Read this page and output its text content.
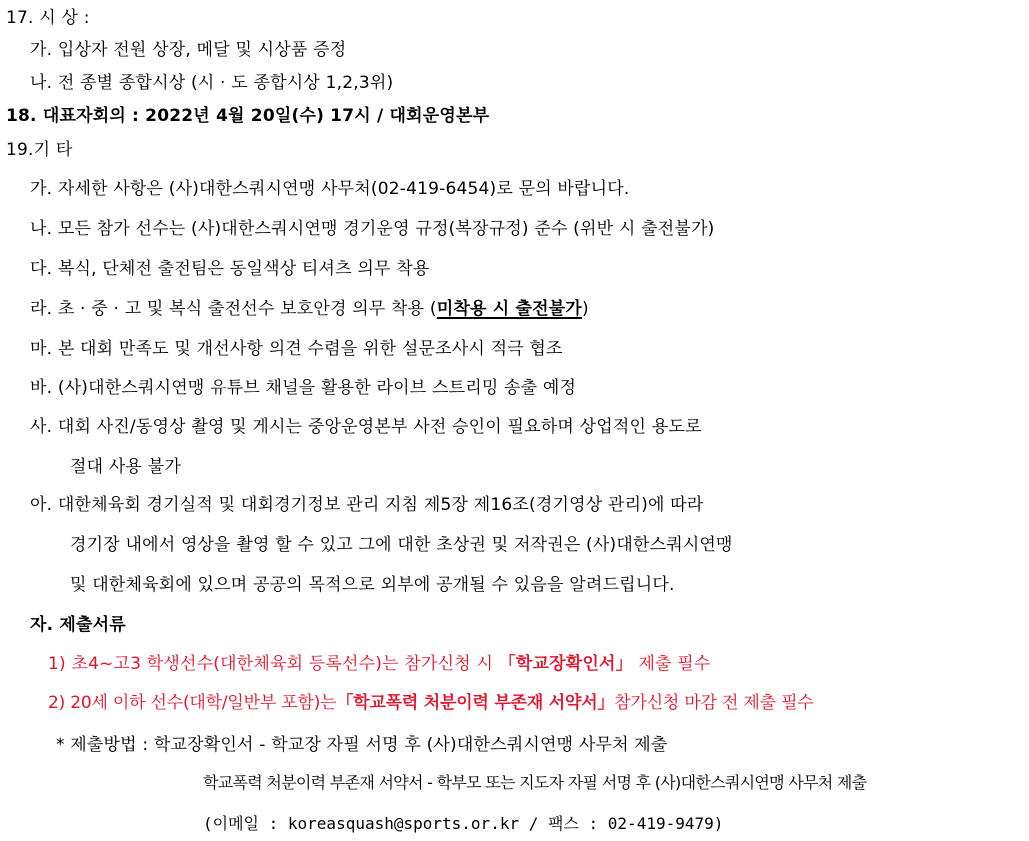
17. 시 상 :
가. 입상자 전원 상장, 메달 및 시상품 증정
나. 전 종별 종합시상 (시 · 도 종합시상 1,2,3위)
18. 대표자회의 : 2022년 4월 20일(수) 17시 / 대회운영본부
19.기 타
가. 자세한 사항은 (사)대한스쿼시연맹 사무처(02-419-6454)로 문의 바랍니다.
나. 모든 참가 선수는 (사)대한스쿼시연맹 경기운영 규정(복장규정) 준수 (위반 시 출전불가)
다. 복식, 단체전 출전팀은 동일색상 티셔츠 의무 착용
라. 초 · 중 · 고 및 복식 출전선수 보호안경 의무 착용 (미착용 시 출전불가)
마. 본 대회 만족도 및 개선사항 의견 수렴을 위한 설문조사시 적극 협조
바. (사)대한스쿼시연맹 유튜브 채널을 활용한 라이브 스트리밍 송출 예정
사. 대회 사진/동영상 촬영 및 게시는 중앙운영본부 사전 승인이 필요하며 상업적인 용도로
절대 사용 불가
아. 대한체육회 경기실적 및 대회경기정보 관리 지침 제5장 제16조(경기영상 관리)에 따라
경기장 내에서 영상을 촬영 할 수 있고 그에 대한 초상권 및 저작권은 (사)대한스쿼시연맹
및 대한체육회에 있으며 공공의 목적으로 외부에 공개될 수 있음을 알려드립니다.
자. 제출서류
1) 초4~고3 학생선수(대한체육회 등록선수)는 참가신청 시 「학교장확인서」 제출 필수
2) 20세 이하 선수(대학/일반부 포함)는「학교폭력 처분이력 부존재 서약서」참가신청 마감 전 제출 필수
* 제출방법 : 학교장확인서 - 학교장 자필 서명 후 (사)대한스쿼시연맹 사무처 제출
학교폭력 처분이력 부존재 서약서 - 학부모 또는 지도자 자필 서명 후 (사)대한스쿼시연맹 사무처 제출
(이메일 : koreasquash@sports.or.kr / 팩스 : 02-419-9479)
